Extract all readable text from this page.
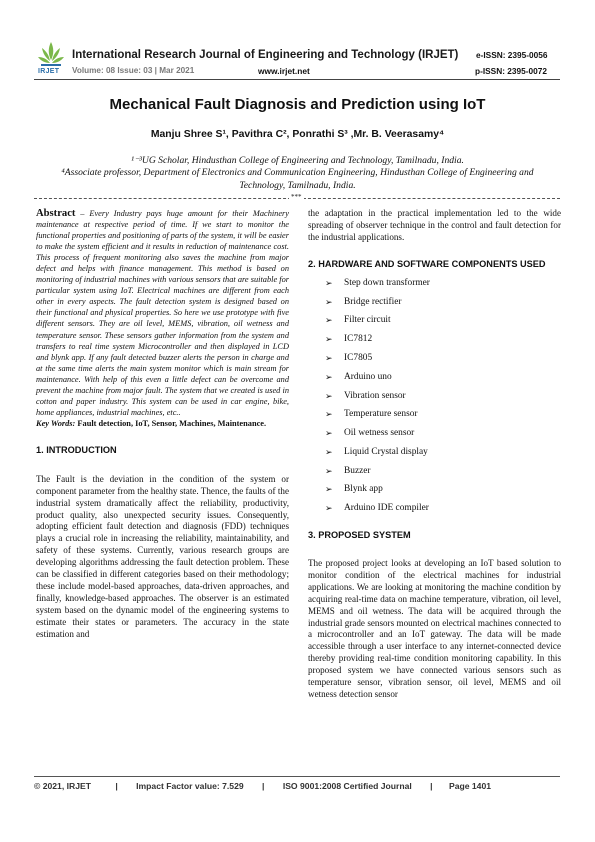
IRJET
International Research Journal of Engineering and Technology (IRJET)
Volume: 08 Issue: 03 | Mar 2021	www.irjet.net
e-ISSN: 2395-0056
p-ISSN: 2395-0072
Mechanical Fault Diagnosis and Prediction using IoT
Manju Shree S¹, Pavithra C², Ponrathi S³ ,Mr. B. Veerasamy⁴
¹⁻³UG Scholar, Hindusthan College of Engineering and Technology, Tamilnadu, India.
⁴Associate professor, Department of Electronics and Communication Engineering, Hindusthan College of Engineering and Technology, Tamilnadu, India.
***

Abstract – Every Industry pays huge amount for their Machinery maintenance at respective period of time. If we start to monitor the functional properties and positioning of parts of the system, it will be easier to make the system efficient and it results in reduction of maintenance cost. This process of frequent monitoring also saves the machine from major defect and helps with finance management. This method is based on monitoring of industrial machines with various sensors that are suitable for particular system using IoT. Electrical machines are different from each other in every aspects. The fault detection system is designed based on their functional and physical properties. So here we use prototype with five different sensors. They are oil level, MEMS, vibration, oil wetness and temperature sensor. These sensors gather information from the system and transfers to real time system Microcontroller and then displayed in LCD and blynk app. If any fault detected buzzer alerts the person in charge and at the same time alerts the main system monitor which is main stream for maintenance. With help of this even a little defect can be overcome and prevent the machine from major fault. The system that we created is used in cotton and paper industry. This system can be used in car engine, bike, home appliances, industrial machines, etc..

Key Words: Fault detection, IoT, Sensor, Machines, Maintenance.

1. INTRODUCTION

The Fault is the deviation in the condition of the system or component parameter from the healthy state. Thence, the faults of the industrial system dramatically affect the reliability, productivity, product quality, also unexpected security issues. Consequently, adopting efficient fault detection and diagnosis (FDD) techniques plays a crucial role in increasing the reliability, maintainability, and safety of these systems. Currently, various research groups are developing algorithms addressing the fault detection problem. These can be classified in different categories based on their methodology; these include model-based approaches, data-driven approaches, and finally, knowledge-based approaches. The observer is an estimated system based on the dynamic model of the engineering systems to estimate their states or parameters. The accuracy in the state estimation and

the adaptation in the practical implementation led to the wide spreading of observer technique in the control and fault detection for the industrial applications.

2. HARDWARE AND SOFTWARE COMPONENTS USED
➢ Step down transformer
➢ Bridge rectifier
➢ Filter circuit
➢ IC7812
➢ IC7805
➢ Arduino uno
➢ Vibration sensor
➢ Temperature sensor
➢ Oil wetness sensor
➢ Liquid Crystal display
➢ Buzzer
➢ Blynk app
➢ Arduino IDE compiler
3. PROPOSED SYSTEM

The proposed project looks at developing an IoT based solution to monitor condition of the electrical machines for industrial applications. We are looking at monitoring the machine condition by acquiring real-time data on machine temperature, vibration, oil level, MEMS and oil wetness. The data will be acquired through the industrial grade sensors mounted on electrical machines connected to a microcontroller and an IoT gateway. The data will be made accessible through a user interface to any internet-connected device thereby providing real-time condition monitoring capability. In this proposed system we have connected various sensors such as temperature sensor, vibration sensor, oil level, MEMS and oil wetness detection sensor

© 2021, IRJET	| Impact Factor value: 7.529 | ISO 9001:2008 Certified Journal | Page 1401
